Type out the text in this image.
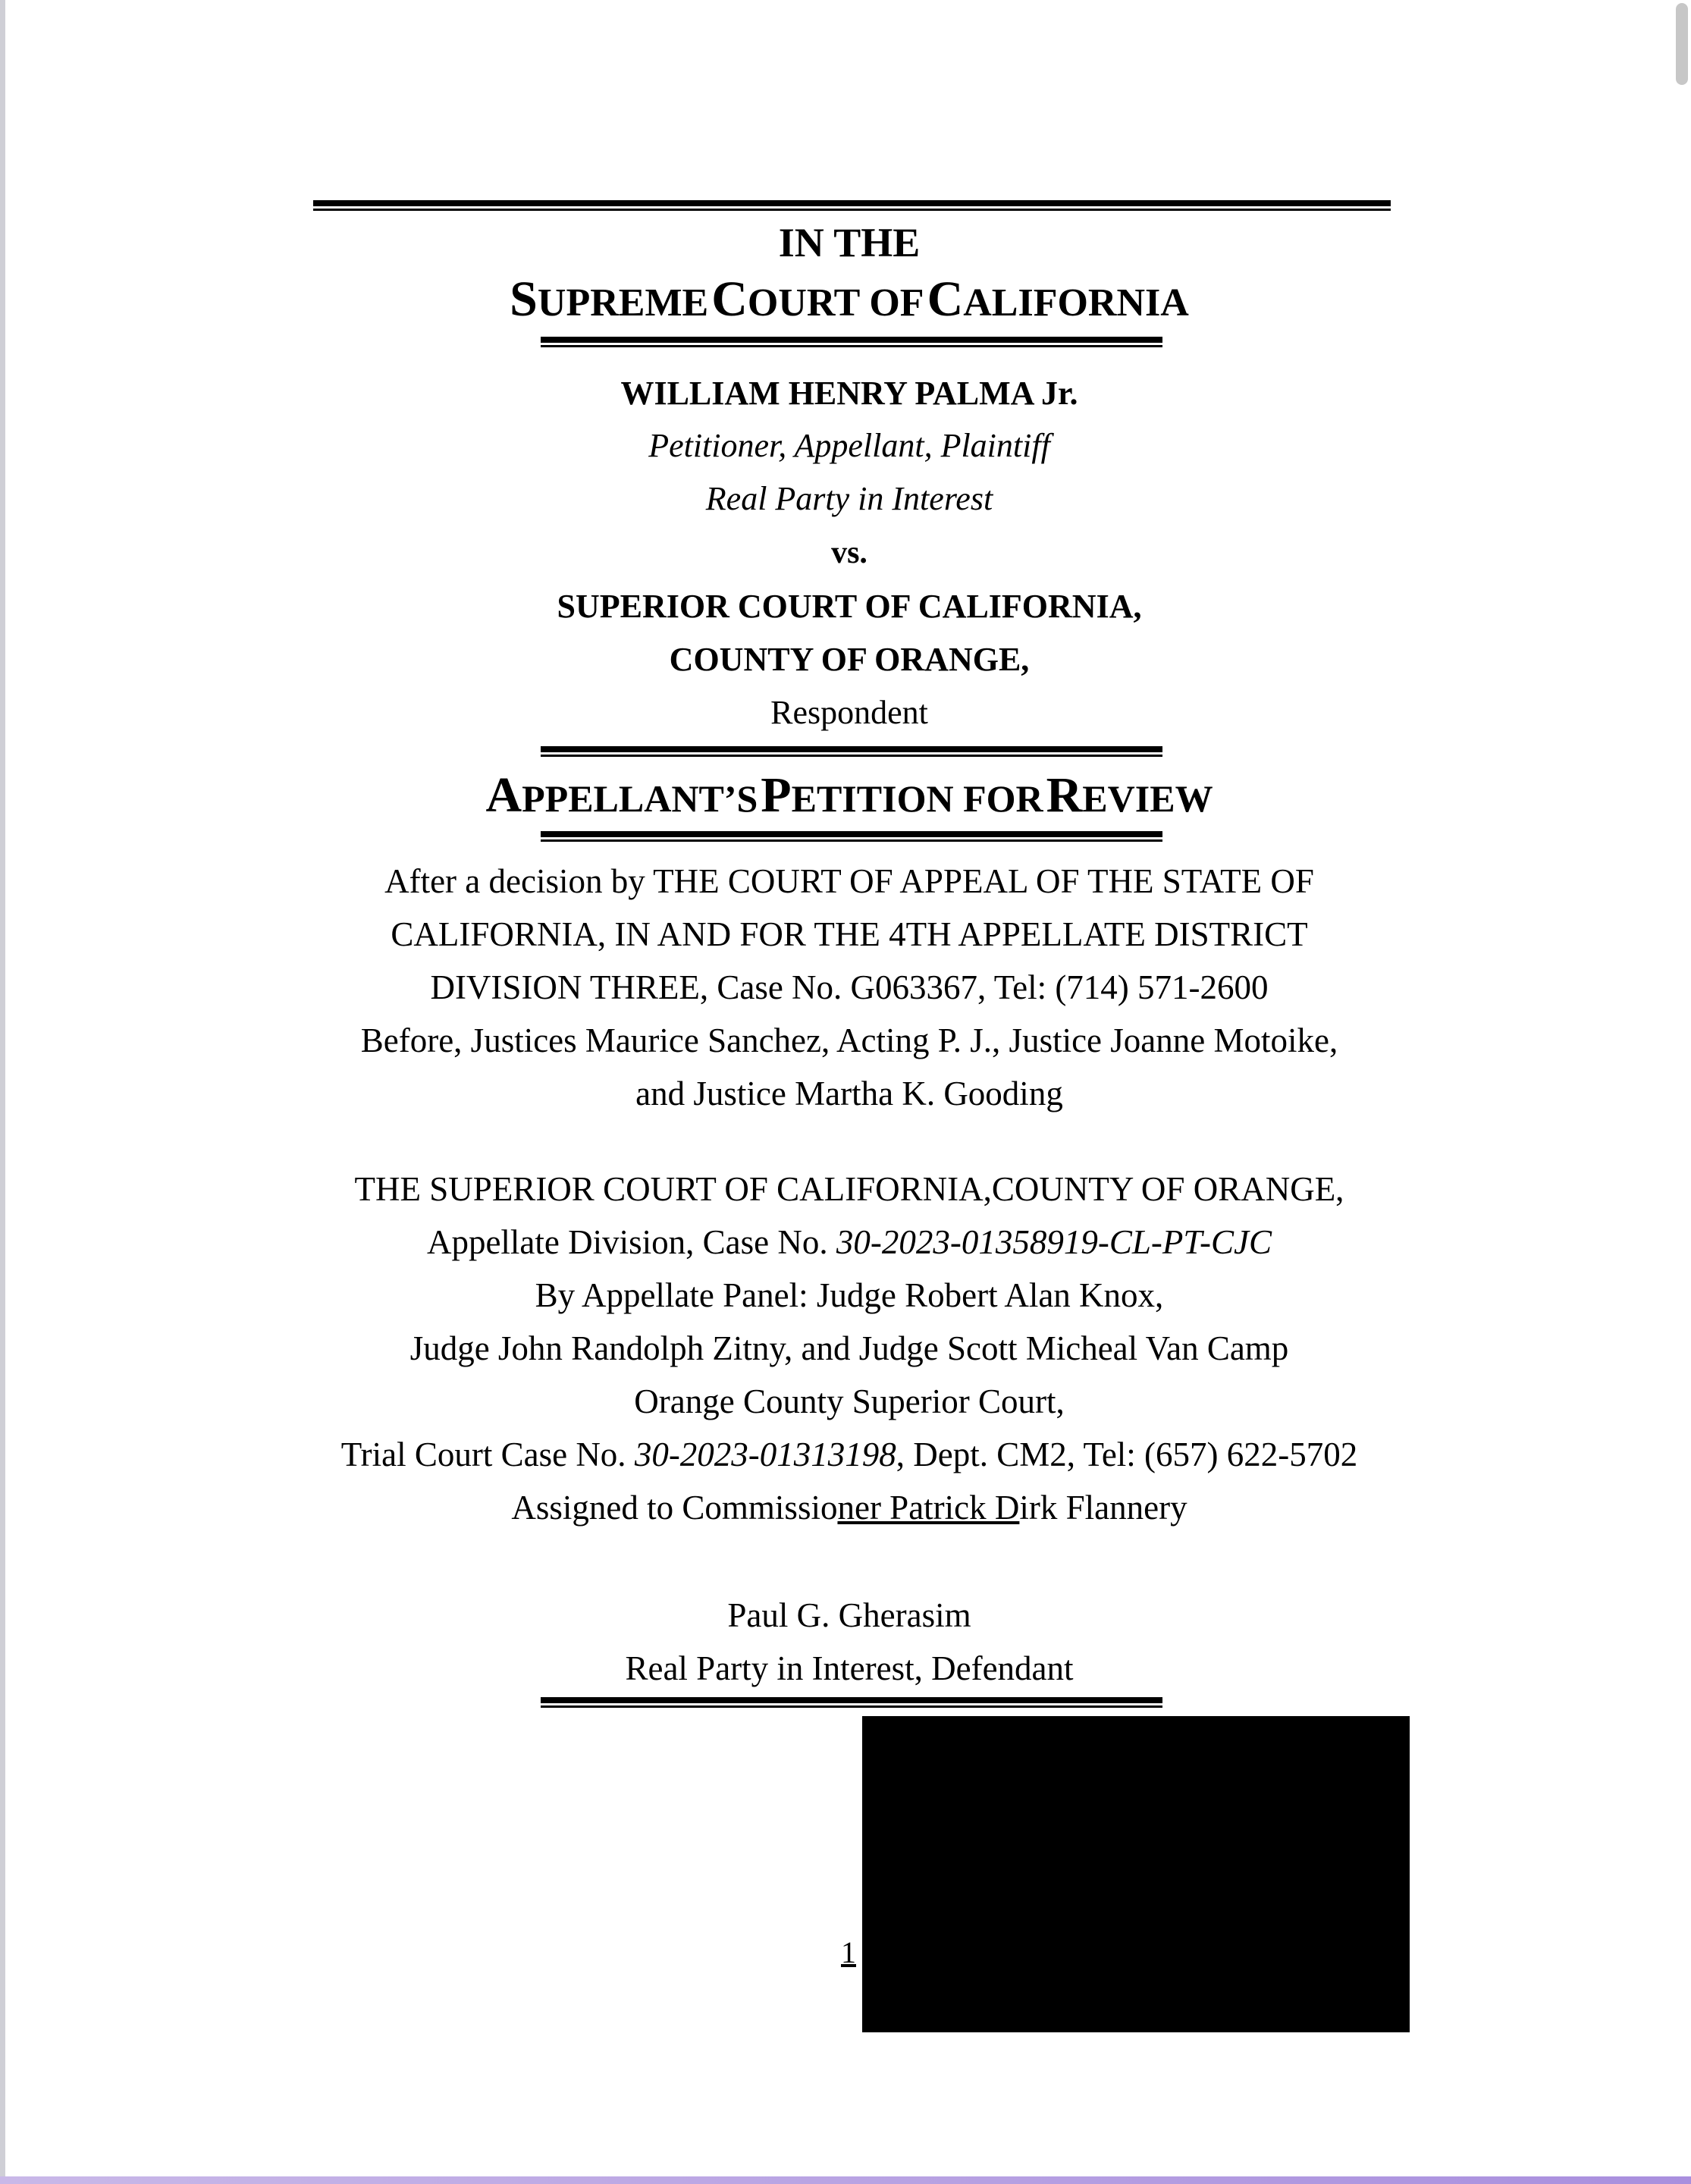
IN THE
SUPREME COURT OF CALIFORNIA
WILLIAM HENRY PALMA Jr.
Petitioner, Appellant, Plaintiff
Real Party in Interest
vs.
SUPERIOR COURT OF CALIFORNIA,
COUNTY OF ORANGE,
Respondent
APPELLANT’S PETITION FOR REVIEW
After a decision by THE COURT OF APPEAL OF THE STATE OF
CALIFORNIA, IN AND FOR THE 4TH APPELLATE DISTRICT
DIVISION THREE, Case No. G063367, Tel: (714) 571-2600
Before, Justices Maurice Sanchez, Acting P. J., Justice Joanne Motoike,
and Justice Martha K. Gooding
THE SUPERIOR COURT OF CALIFORNIA,COUNTY OF ORANGE,
Appellate Division, Case No. 30-2023-01358919-CL-PT-CJC
By Appellate Panel: Judge Robert Alan Knox,
Judge John Randolph Zitny, and Judge Scott Micheal Van Camp
Orange County Superior Court,
Trial Court Case No. 30-2023-01313198, Dept. CM2, Tel: (657) 622-5702
Assigned to Commissioner Patrick Dirk Flannery
Paul G. Gherasim
Real Party in Interest, Defendant
1
